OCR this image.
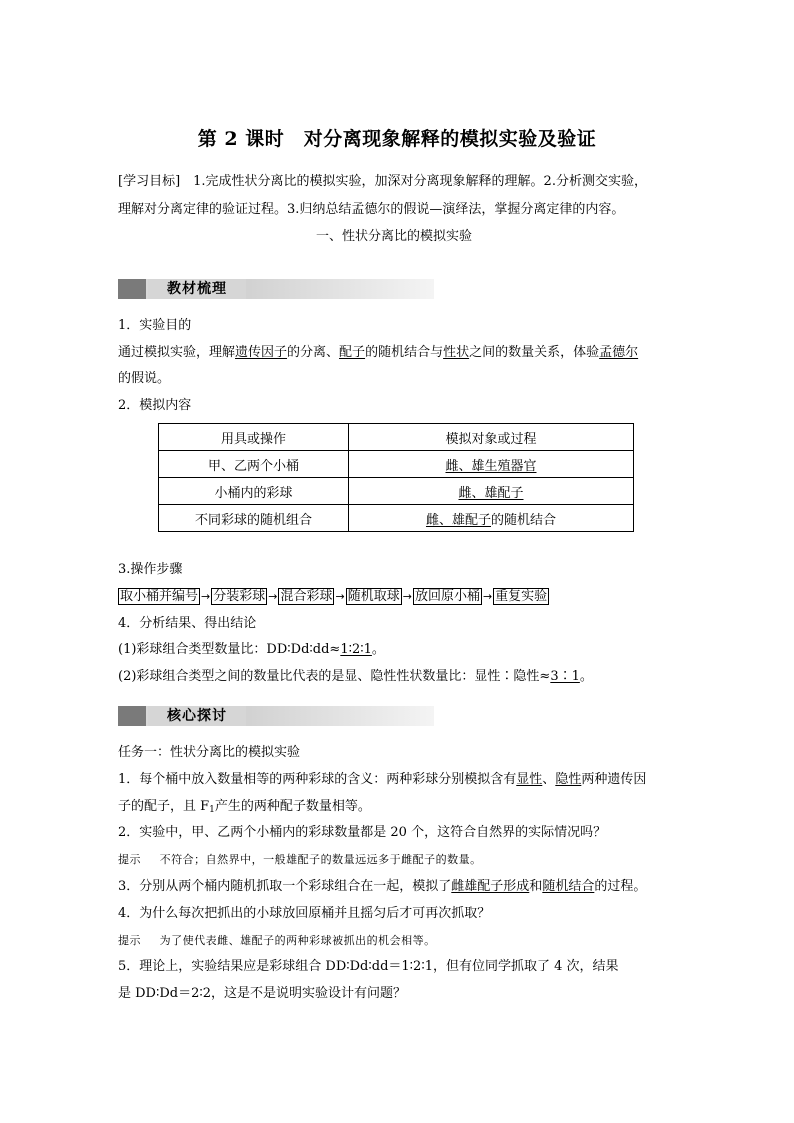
第 2 课时　对分离现象解释的模拟实验及验证
[学习目标]　1.完成性状分离比的模拟实验，加深对分离现象解释的理解。2.分析测交实验，
理解对分离定律的验证过程。3.归纳总结孟德尔的假说—演绎法，掌握分离定律的内容。
一、性状分离比的模拟实验
教材梳理
1．实验目的
通过模拟实验，理解遗传因子的分离、配子的随机结合与性状之间的数量关系，体验孟德尔
的假说。
2．模拟内容
用具或操作	模拟对象或过程
甲、乙两个小桶	雌、雄生殖器官
小桶内的彩球	雌、雄配子
不同彩球的随机组合	雌、雄配子的随机结合
3.操作步骤
取小桶并编号 → 分装彩球 → 混合彩球 → 随机取球 → 放回原小桶 → 重复实验
4．分析结果、得出结论
(1)彩球组合类型数量比：DD∶Dd∶dd≈1∶2∶1。
(2)彩球组合类型之间的数量比代表的是显、隐性性状数量比：显性∶隐性≈3∶1。
核心探讨
任务一：性状分离比的模拟实验
1．每个桶中放入数量相等的两种彩球的含义：两种彩球分别模拟含有显性、隐性两种遗传因
子的配子，且 F1产生的两种配子数量相等。
2．实验中，甲、乙两个小桶内的彩球数量都是 20 个，这符合自然界的实际情况吗？
提示　 不符合；自然界中，一般雄配子的数量远远多于雌配子的数量。
3．分别从两个桶内随机抓取一个彩球组合在一起，模拟了雌雄配子形成和随机结合的过程。
4．为什么每次把抓出的小球放回原桶并且摇匀后才可再次抓取？
提示　 为了使代表雌、雄配子的两种彩球被抓出的机会相等。
5．理论上，实验结果应是彩球组合 DD∶Dd∶dd＝1∶2∶1，但有位同学抓取了 4 次，结果
是 DD∶Dd＝2∶2，这是不是说明实验设计有问题？
